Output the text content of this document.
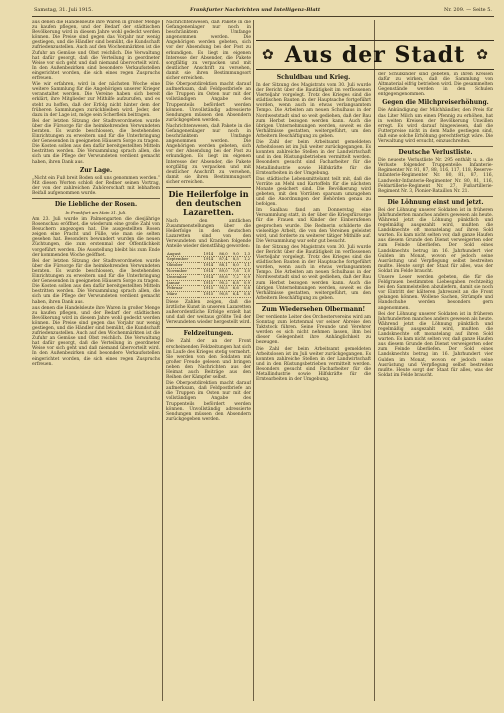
Samstag, 31. Juli 1915.	Frankfurter Nachrichten und Intelligenz-Blatt	Nr. 209. — Seite 5.

aus denen die Handelsleute ihre Waren in großer Menge zu kaufen pflegen, und der Bedarf der städtischen Bevölkerung wird in diesem Jahre wohl gedeckt werden können. Die Preise sind gegen das Vorjahr nur wenig gestiegen, und die Händler sind bemüht, die Kundschaft zufriedenzustellen. Auch auf den Wochenmärkten ist die Zufuhr an Gemüse und Obst reichlich. Die Verwaltung hat dafür gesorgt, daß die Verteilung in geordneter Weise vor sich geht und daß niemand übervorteilt wird. In den Außenbezirken sind besondere Verkaufsstellen eingerichtet worden, die sich eines regen Zuspruchs erfreuen.

Wie wir erfahren, wird in der nächsten Woche eine weitere Sammlung für die Angehörigen unserer Krieger veranstaltet werden. Die Vereine haben sich bereit erklärt, ihre Mitglieder zur Mithilfe aufzurufen, und es steht zu hoffen, daß der Erfolg nicht hinter dem der früheren Sammlungen zurückbleiben wird. Jeder, der dazu in der Lage ist, möge sein Scherflein beitragen.

Bei der letzten Sitzung der Stadtverordneten wurde über die Fürsorge für die heimkehrenden Verwundeten beraten. Es wurde beschlossen, die bestehenden Einrichtungen zu erweitern und für die Unterbringung der Genesenden in geeigneten Häusern Sorge zu tragen. Die Kosten sollen aus den dafür bereitgestellten Mitteln bestritten werden. Die Versammlung sprach allen, die sich um die Pflege der Verwundeten verdient gemacht haben, ihren Dank aus.

Zur Lage.

„Nicht ein Fuß breit Boden soll uns genommen werden.“ Mit diesen Worten schloß der Redner seinen Vortrag, der von der zahlreichen Zuhörerschaft mit lebhaftem Beifall aufgenommen wurde.

Die Liebliche der Rosen.
In Frankfurt am Main 31. Juli.

Am 23. Juli wurde im Palmengarten die diesjährige Rosenschau eröffnet, die wiederum eine große Zahl von Besuchern angezogen hat. Die ausgestellten Rosen zeigen eine Pracht und Fülle, wie man sie selten gesehen hat. Besonders bewundert wurden die neuen Züchtungen, die zum erstenmal der Öffentlichkeit vorgeführt werden. Die Ausstellung bleibt bis zum Ende der kommenden Woche geöffnet.

Bei der letzten Sitzung der Stadtverordneten wurde über die Fürsorge für die heimkehrenden Verwundeten beraten. Es wurde beschlossen, die bestehenden Einrichtungen zu erweitern und für die Unterbringung der Genesenden in geeigneten Häusern Sorge zu tragen. Die Kosten sollen aus den dafür bereitgestellten Mitteln bestritten werden. Die Versammlung sprach allen, die sich um die Pflege der Verwundeten verdient gemacht haben, ihren Dank aus.

aus denen die Handelsleute ihre Waren in großer Menge zu kaufen pflegen, und der Bedarf der städtischen Bevölkerung wird in diesem Jahre wohl gedeckt werden können. Die Preise sind gegen das Vorjahr nur wenig gestiegen, und die Händler sind bemüht, die Kundschaft zufriedenzustellen. Auch auf den Wochenmärkten ist die Zufuhr an Gemüse und Obst reichlich. Die Verwaltung hat dafür gesorgt, daß die Verteilung in geordneter Weise vor sich geht und daß niemand übervorteilt wird. In den Außenbezirken sind besondere Verkaufsstellen eingerichtet worden, die sich eines regen Zuspruchs erfreuen.

Nachrichtenwesen, daß Pakete in die Gefangenenlager nur noch in beschränktem Umfange angenommen werden. Die Angehörigen werden gebeten, sich vor der Absendung bei der Post zu erkundigen. Es liegt im eigenen Interesse der Absender, die Pakete sorgfältig zu verpacken und mit deutlicher Anschrift zu versehen, damit sie ihren Bestimmungsort sicher erreichen.

Die Oberpostdirektion macht darauf aufmerksam, daß Feldpostbriefe an die Truppen im Osten nur mit der vollständigen Angabe des Truppenteils befördert werden können. Unvollständig adressierte Sendungen müssen den Absendern zurückgegeben werden.

Nachrichtenwesen, daß Pakete in die Gefangenenlager nur noch in beschränktem Umfange angenommen werden. Die Angehörigen werden gebeten, sich vor der Absendung bei der Post zu erkundigen. Es liegt im eigenen Interesse der Absender, die Pakete sorgfältig zu verpacken und mit deutlicher Anschrift zu versehen, damit sie ihren Bestimmungsort sicher erreichen.

Die Heilerfolge in den deutschen Lazaretten.

Nach den amtlichen Zusammenstellungen über die Heilerfolge in den deutschen Lazaretten sind von den Verwundeten und Kranken folgende Anteile wieder dienstfähig geworden:

August	1914	86,0	9,0	1,3
September	1914	87,4	8,5	1,2
Oktober	1914	88,1	8,0	1,1
November	1914	89,0	7,6	1,0
Dezember	1914	89,6	7,2	0,9
Januar	1915	90,2	6,8	0,9
Februar	1915	90,5	6,6	0,8
März	1915	90,8	6,4	0,8

Diese Zahlen zeigen, daß die ärztliche Kunst in unseren Lazaretten außerordentliche Erfolge erzielt hat und daß der weitaus größte Teil der Verwundeten wieder hergestellt wird.

Feldzeitungen.

Die Zahl der an der Front erscheinenden Feldzeitungen hat sich im Laufe des Krieges stetig vermehrt. Sie werden von den Soldaten mit großer Freude gelesen und bringen neben den Nachrichten aus der Heimat auch Beiträge aus den Reihen der Kämpfer selbst.

Die Oberpostdirektion macht darauf aufmerksam, daß Feldpostbriefe an die Truppen im Osten nur mit der vollständigen Angabe des Truppenteils befördert werden können. Unvollständig adressierte Sendungen müssen den Absendern zurückgegeben werden.

✿ Aus der Stadt ✿
Schuldbau und Krieg.

In der Sitzung des Magistrats vom 30. Juli wurde der Bericht über die Bautätigkeit im verflossenen Vierteljahr vorgelegt. Trotz des Krieges sind die städtischen Bauten in der Hauptsache fortgeführt worden, wenn auch in etwas verlangsamtem Tempo. Die Arbeiten am neuen Schulhaus in der Nordweststadt sind so weit gediehen, daß der Bau zum Herbst bezogen werden kann. Auch die übrigen Unternehmungen werden, soweit es die Verhältnisse gestatten, weitergeführt, um den Arbeitern Beschäftigung zu geben.

Die Zahl der beim Arbeitsamt gemeldeten Arbeitslosen ist im Juli weiter zurückgegangen. Es konnten zahlreiche Stellen in der Landwirtschaft und in den Rüstungsbetrieben vermittelt werden. Besonders gesucht sind Facharbeiter für die Metallindustrie sowie Hilfskräfte für die Erntearbeiten in der Umgebung.

Das städtische Lebensmittelamt teilt mit, daß die Vorräte an Mehl und Kartoffeln für die nächsten Monate gesichert sind. Die Bevölkerung wird gebeten, mit den Vorräten sparsam umzugehen und die Anordnungen der Behörden genau zu befolgen.

Im Saalbau fand am Donnerstag eine Versammlung statt, in der über die Kriegsfürsorge für die Frauen und Kinder der Einberufenen gesprochen wurde. Die Rednerin schilderte die vielseitige Arbeit, die von den Vereinen geleistet wird, und forderte zu weiterer tätiger Mithilfe auf. Die Versammlung war sehr gut besucht.

In der Sitzung des Magistrats vom 30. Juli wurde der Bericht über die Bautätigkeit im verflossenen Vierteljahr vorgelegt. Trotz des Krieges sind die städtischen Bauten in der Hauptsache fortgeführt worden, wenn auch in etwas verlangsamtem Tempo. Die Arbeiten am neuen Schulhaus in der Nordweststadt sind so weit gediehen, daß der Bau zum Herbst bezogen werden kann. Auch die übrigen Unternehmungen werden, soweit es die Verhältnisse gestatten, weitergeführt, um den Arbeitern Beschäftigung zu geben.

Zum Wiedersehen Olbermann!

Der verdiente Leiter des Orchestervereins wird am Sonntag zum letztenmal vor seiner Abreise den Taktstock führen. Seine Freunde und Verehrer werden es sich nicht nehmen lassen, ihm bei dieser Gelegenheit ihre Anhänglichkeit zu bezeugen.

Die Zahl der beim Arbeitsamt gemeldeten Arbeitslosen ist im Juli weiter zurückgegangen. Es konnten zahlreiche Stellen in der Landwirtschaft und in den Rüstungsbetrieben vermittelt werden. Besonders gesucht sind Facharbeiter für die Metallindustrie sowie Hilfskräfte für die Erntearbeiten in der Umgebung.

der Schulkinder sind gebeten, in ihren Kreisen dafür zu wirken, daß die Sammlung von Altmaterial eifrig betrieben wird. Die gesammelten Gegenstände werden in den Schulen entgegengenommen.

Gegen die Milchpreiserhöhung.

Die Ankündigung der Milchhändler, den Preis für das Liter Milch um einen Pfennig zu erhöhen, hat in weiten Kreisen der Bevölkerung Unwillen erregt. Es wird darauf hingewiesen, daß die Futterpreise nicht in dem Maße gestiegen sind, daß eine solche Erhöhung gerechtfertigt wäre. Die Verwaltung wird ersucht, einzuschreiten.

Deutsche Verlustliste.

Die neueste Verlustliste Nr. 295 enthält u. a. die Verluste folgender Truppenteile: Infanterie-Regimenter Nr. 81, 87, 88, 116, 117, 118, Reserve-Infanterie-Regimenter Nr. 80, 81, 87, 116, Landwehr-Infanterie-Regimenter Nr. 80, 81, 116, Feldartillerie-Regiment Nr. 27, Fußartillerie-Regiment Nr. 3, Pionier-Bataillon Nr. 21.

Die Löhnung einst und jetzt.

Bei der Löhnung unserer Soldaten ist in früheren Jahrhunderten manches anders gewesen als heute. Während jetzt die Löhnung pünktlich und regelmäßig ausgezahlt wird, mußten die Landsknechte oft monatelang auf ihren Sold warten. Es kam nicht selten vor, daß ganze Haufen aus diesem Grunde den Dienst verweigerten oder zum Feinde überliefen. Der Sold eines Landsknechts betrug im 16. Jahrhundert vier Gulden im Monat, wovon er jedoch seine Ausrüstung und Verpflegung selbst bestreiten mußte. Heute sorgt der Staat für alles, was der Soldat im Felde braucht.

Unsere Leser werden gebeten, die für die Feldgrauen bestimmten Liebesgaben rechtzeitig bei den Sammelstellen abzuliefern, damit sie noch vor Eintritt der kälteren Jahreszeit an die Front gelangen können. Wollene Sachen, Strümpfe und Handschuhe werden besonders gern angenommen.

Bei der Löhnung unserer Soldaten ist in früheren Jahrhunderten manches anders gewesen als heute. Während jetzt die Löhnung pünktlich und regelmäßig ausgezahlt wird, mußten die Landsknechte oft monatelang auf ihren Sold warten. Es kam nicht selten vor, daß ganze Haufen aus diesem Grunde den Dienst verweigerten oder zum Feinde überliefen. Der Sold eines Landsknechts betrug im 16. Jahrhundert vier Gulden im Monat, wovon er jedoch seine Ausrüstung und Verpflegung selbst bestreiten mußte. Heute sorgt der Staat für alles, was der Soldat im Felde braucht.
